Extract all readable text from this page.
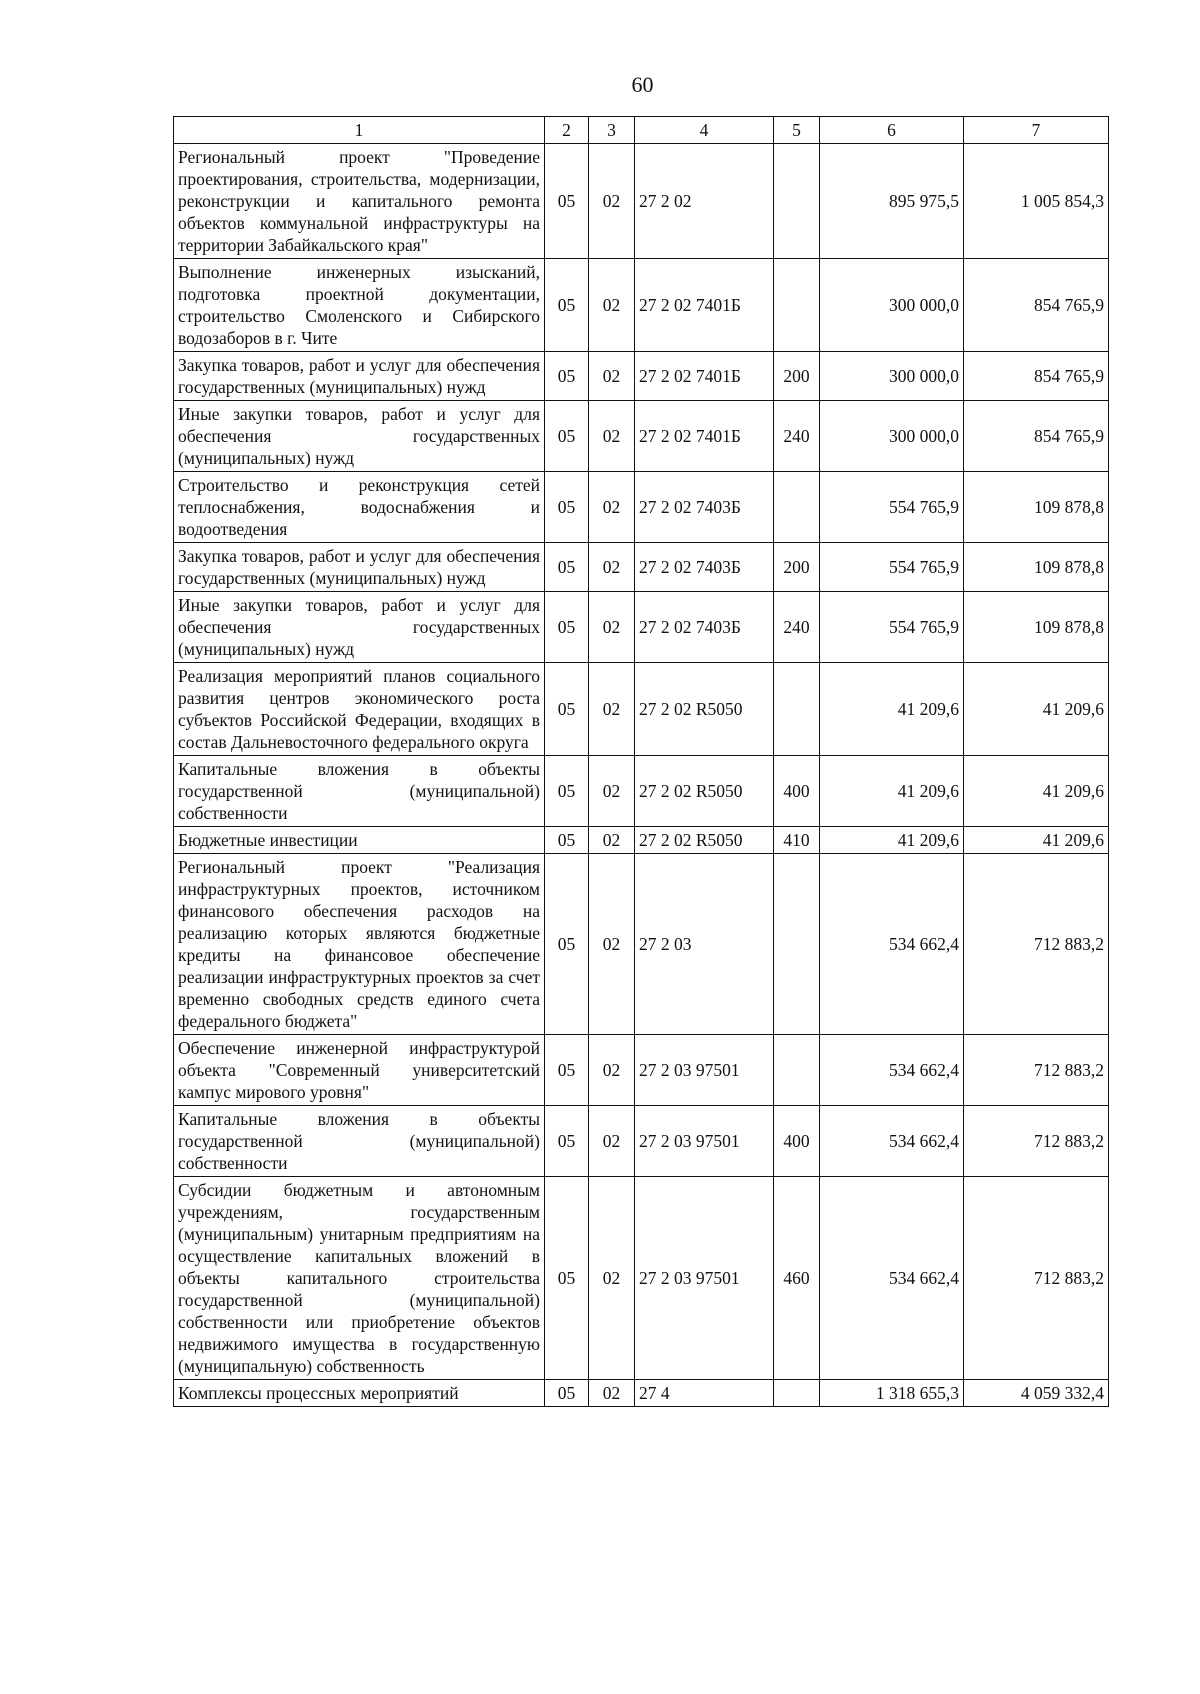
60
1	2	3	4	5	6	7
Региональный проект "Проведение проектирования, строительства, модернизации, реконструкции и капитального ремонта объектов коммунальной инфраструктуры на территории Забайкальского края"	05	02	27 2 02		895 975,5	1 005 854,3
Выполнение инженерных изысканий, подготовка проектной документации, строительство Смоленского и Сибирского водозаборов в г. Чите	05	02	27 2 02 7401Б		300 000,0	854 765,9
Закупка товаров, работ и услуг для обеспечения государственных (муниципальных) нужд	05	02	27 2 02 7401Б	200	300 000,0	854 765,9
Иные закупки товаров, работ и услуг для обеспечения государственных (муниципальных) нужд	05	02	27 2 02 7401Б	240	300 000,0	854 765,9
Строительство и реконструкция сетей теплоснабжения, водоснабжения и водоотведения	05	02	27 2 02 7403Б		554 765,9	109 878,8
Закупка товаров, работ и услуг для обеспечения государственных (муниципальных) нужд	05	02	27 2 02 7403Б	200	554 765,9	109 878,8
Иные закупки товаров, работ и услуг для обеспечения государственных (муниципальных) нужд	05	02	27 2 02 7403Б	240	554 765,9	109 878,8
Реализация мероприятий планов социального развития центров экономического роста субъектов Российской Федерации, входящих в состав Дальневосточного федерального округа	05	02	27 2 02 R5050		41 209,6	41 209,6
Капитальные вложения в объекты государственной (муниципальной) собственности	05	02	27 2 02 R5050	400	41 209,6	41 209,6
Бюджетные инвестиции	05	02	27 2 02 R5050	410	41 209,6	41 209,6
Региональный проект "Реализация инфраструктурных проектов, источником финансового обеспечения расходов на реализацию которых являются бюджетные кредиты на финансовое обеспечение реализации инфраструктурных проектов за счет временно свободных средств единого счета федерального бюджета"	05	02	27 2 03		534 662,4	712 883,2
Обеспечение инженерной инфраструктурой объекта "Современный университетский кампус мирового уровня"	05	02	27 2 03 97501		534 662,4	712 883,2
Капитальные вложения в объекты государственной (муниципальной) собственности	05	02	27 2 03 97501	400	534 662,4	712 883,2
Субсидии бюджетным и автономным учреждениям, государственным (муниципальным) унитарным предприятиям на осуществление капитальных вложений в объекты капитального строительства государственной (муниципальной) собственности или приобретение объектов недвижимого имущества в государственную (муниципальную) собственность	05	02	27 2 03 97501	460	534 662,4	712 883,2
Комплексы процессных мероприятий	05	02	27 4		1 318 655,3	4 059 332,4
